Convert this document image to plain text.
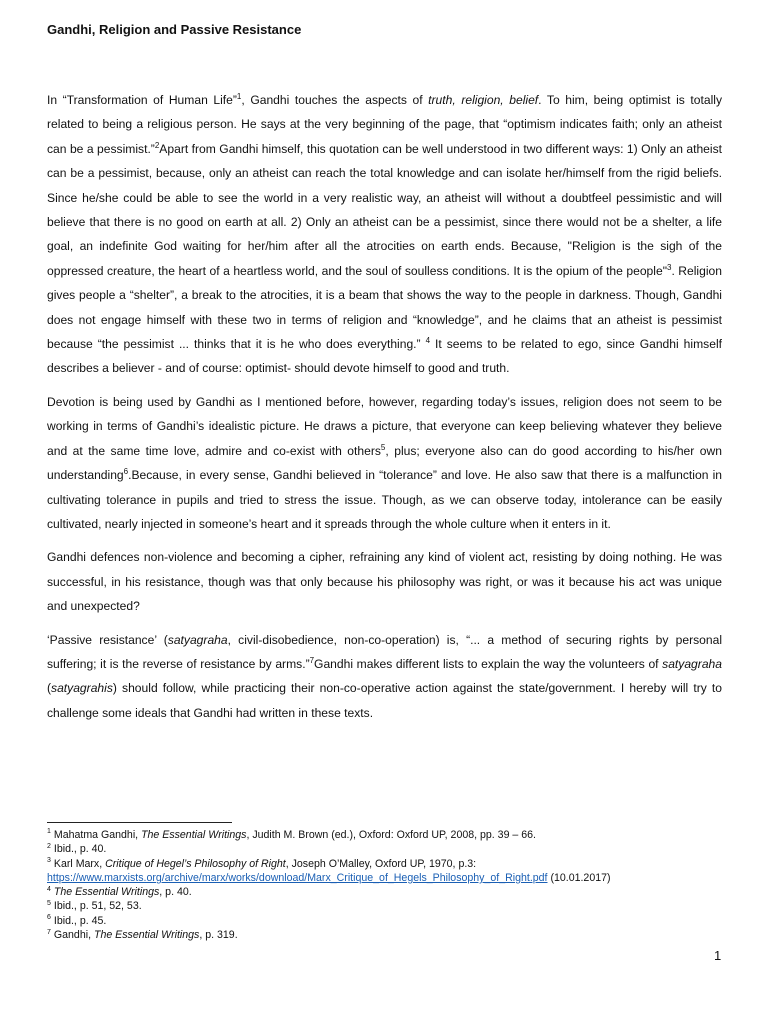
Gandhi, Religion and Passive Resistance

In “Transformation of Human Life”$^1$, Gandhi touches the aspects of truth, religion, belief. To him, being optimist is totally related to being a religious person. He says at the very beginning of the page, that “optimism indicates faith; only an atheist can be a pessimist.”$^2$Apart from Gandhi himself, this quotation can be well understood in two different ways: 1) Only an atheist can be a pessimist, because, only an atheist can reach the total knowledge and can isolate her/himself from the rigid beliefs. Since he/she could be able to see the world in a very realistic way, an atheist will without a doubtfeel pessimistic and will believe that there is no good on earth at all. 2) Only an atheist can be a pessimist, since there would not be a shelter, a life goal, an indefinite God waiting for her/him after all the atrocities on earth ends. Because, "Religion is the sigh of the oppressed creature, the heart of a heartless world, and the soul of soulless conditions. It is the opium of the people"$^3$. Religion gives people a “shelter”, a break to the atrocities, it is a beam that shows the way to the people in darkness. Though, Gandhi does not engage himself with these two in terms of religion and “knowledge”, and he claims that an atheist is pessimist because “the pessimist ... thinks that it is he who does everything.” $^4$ It seems to be related to ego, since Gandhi himself describes a believer - and of course: optimist- should devote himself to good and truth.

Devotion is being used by Gandhi as I mentioned before, however, regarding today’s issues, religion does not seem to be working in terms of Gandhi’s idealistic picture. He draws a picture, that everyone can keep believing whatever they believe and at the same time love, admire and co-exist with others$^5$, plus; everyone also can do good according to his/her own understanding$^6$.Because, in every sense, Gandhi believed in “tolerance” and love. He also saw that there is a malfunction in cultivating tolerance in pupils and tried to stress the issue. Though, as we can observe today, intolerance can be easily cultivated, nearly injected in someone’s heart and it spreads through the whole culture when it enters in it.

Gandhi defences non-violence and becoming a cipher, refraining any kind of violent act, resisting by doing nothing. He was successful, in his resistance, though was that only because his philosophy was right, or was it because his act was unique and unexpected?

‘Passive resistance’ (satyagraha, civil-disobedience, non-co-operation) is, “... a method of securing rights by personal suffering; it is the reverse of resistance by arms.”$^7$Gandhi makes different lists to explain the way the volunteers of satyagraha (satyagrahis) should follow, while practicing their non-co-operative action against the state/government. I hereby will try to challenge some ideals that Gandhi had written in these texts.

$^1$ Mahatma Gandhi, The Essential Writings, Judith M. Brown (ed.), Oxford: Oxford UP, 2008, pp. 39 – 66.
$^2$ Ibid., p. 40.
$^3$ Karl Marx, Critique of Hegel’s Philosophy of Right, Joseph O’Malley, Oxford UP, 1970, p.3:
https://www.marxists.org/archive/marx/works/download/Marx_Critique_of_Hegels_Philosophy_of_Right.pdf (10.01.2017)
$^4$ The Essential Writings, p. 40.
$^5$ Ibid., p. 51, 52, 53.
$^6$ Ibid., p. 45.
$^7$ Gandhi, The Essential Writings, p. 319.
1
